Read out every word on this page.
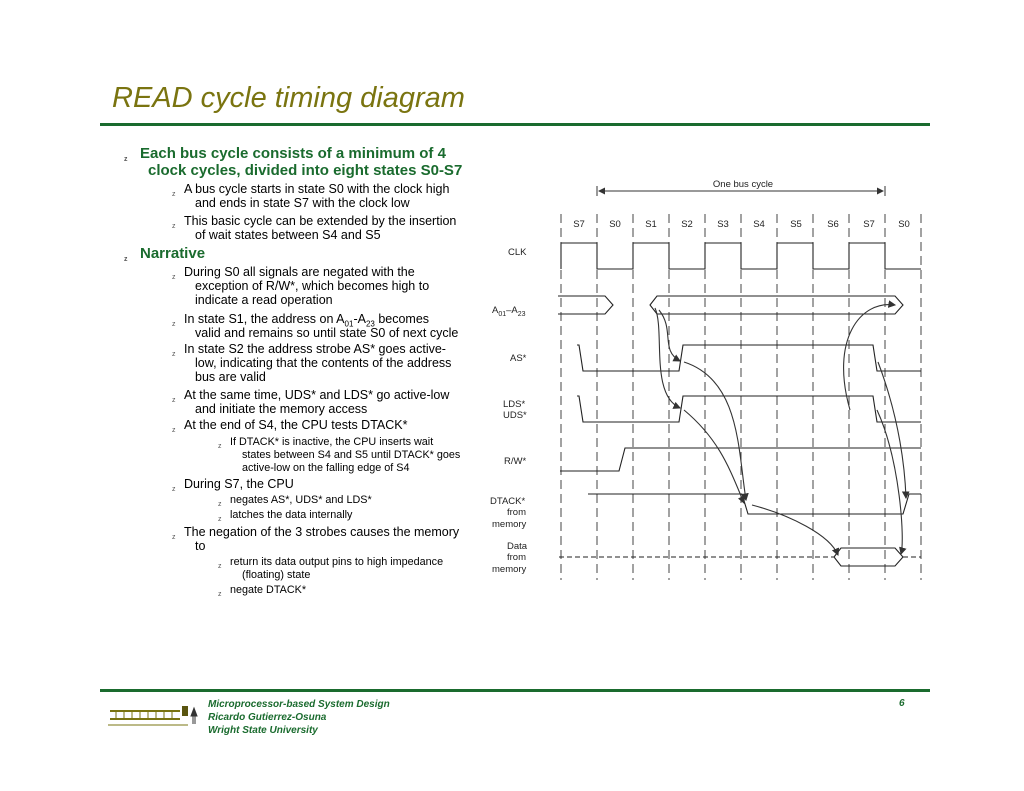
READ cycle timing diagram
z Each bus cycle consists of a minimum of 4
clock cycles, divided into eight states S0-S7
z A bus cycle starts in state S0 with the clock high
and ends in state S7 with the clock low
z This basic cycle can be extended by the insertion
of wait states between S4 and S5
z Narrative
z During S0 all signals are negated with the
exception of R/W*, which becomes high to
indicate a read operation
z In state S1, the address on $A_{01}-A_{23}$ becomes
valid and remains so until state S0 of next cycle
z In state S2 the address strobe AS* goes active-
low, indicating that the contents of the address
bus are valid
z At the same time, UDS* and LDS* go active-low
and initiate the memory access
z At the end of S4, the CPU tests DTACK*
z If DTACK* is inactive, the CPU inserts wait
states between S4 and S5 until DTACK* goes
active-low on the falling edge of S4
z During S7, the CPU
z negates AS*, UDS* and LDS*
z latches the data internally
z The negation of the 3 strobes causes the memory
to
z return its data output pins to high impedance
(floating) state
z negate DTACK*
One bus cycle
S7	S0	S1	S2	S3	S4	S5	S6	S7 S0
CLK
$A_{01}-A_{23}$
AS*
LDS*
UDS*
R/W*
DTACK*
from
memory
Data
from
memory
Microprocessor-based System Design
Ricardo Gutierrez-Osuna
Wright State University
6
